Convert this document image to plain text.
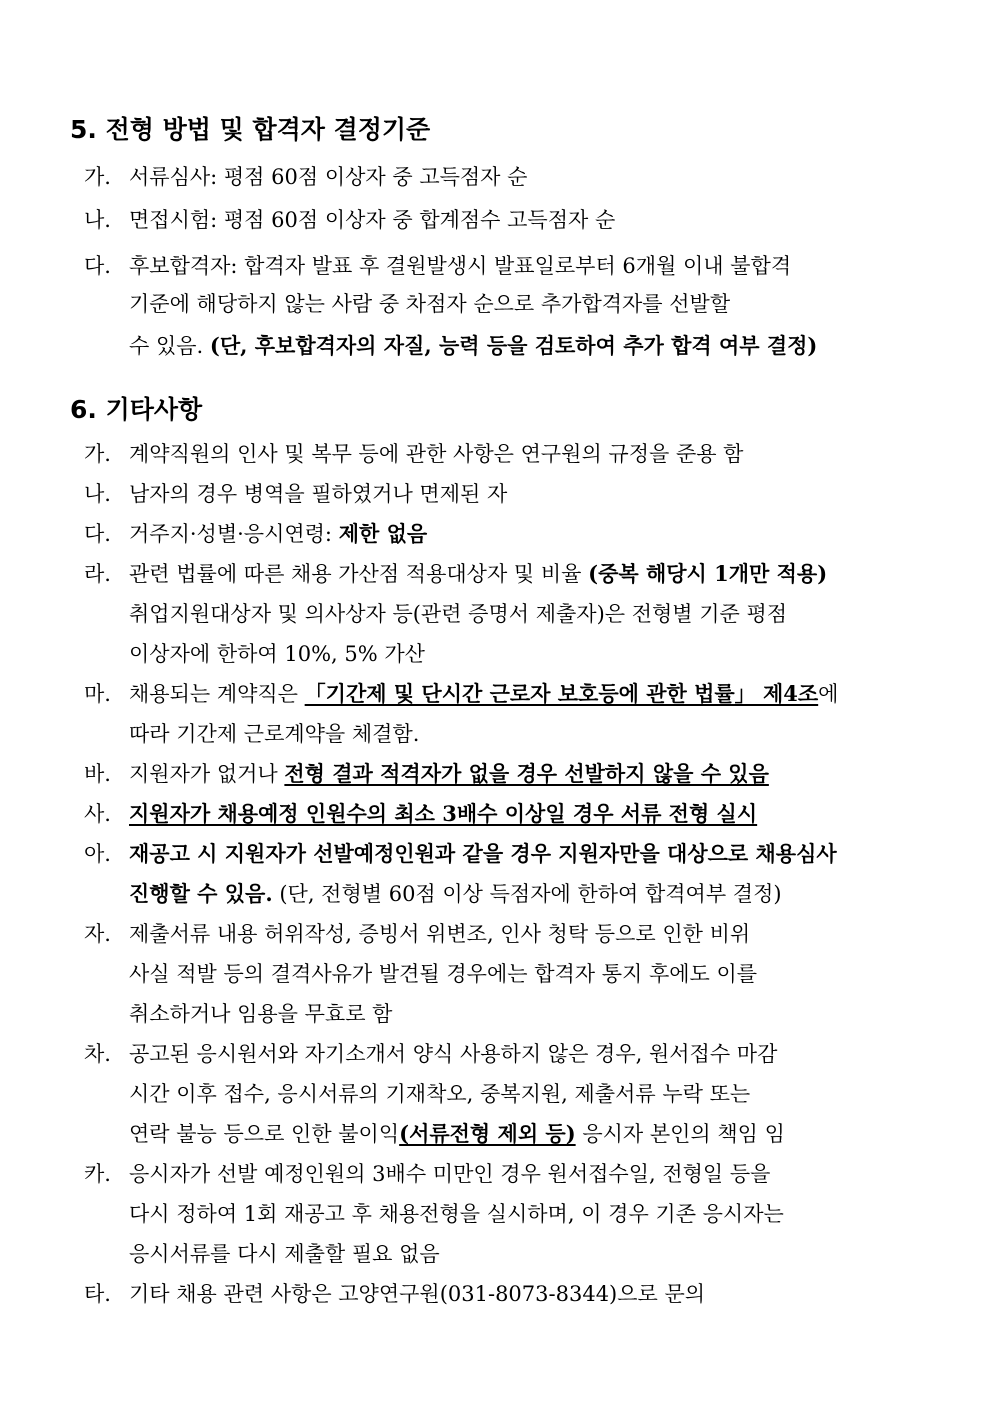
5. 전형 방법 및 합격자 결정기준
가. 서류심사: 평점 60점 이상자 중 고득점자 순
나. 면접시험: 평점 60점 이상자 중 합계점수 고득점자 순
다. 후보합격자: 합격자 발표 후 결원발생시 발표일로부터 6개월 이내 불합격
기준에 해당하지 않는 사람 중 차점자 순으로 추가합격자를 선발할
수 있음. (단, 후보합격자의 자질, 능력 등을 검토하여 추가 합격 여부 결정)
6. 기타사항
가. 계약직원의 인사 및 복무 등에 관한 사항은 연구원의 규정을 준용 함
나. 남자의 경우 병역을 필하였거나 면제된 자
다. 거주지·성별·응시연령: 제한 없음
라. 관련 법률에 따른 채용 가산점 적용대상자 및 비율 (중복 해당시 1개만 적용)
취업지원대상자 및 의사상자 등(관련 증명서 제출자)은 전형별 기준 평점
이상자에 한하여 10%, 5% 가산
마. 채용되는 계약직은 「기간제 및 단시간 근로자 보호등에 관한 법률」 제4조에
따라 기간제 근로계약을 체결함.
바. 지원자가 없거나 전형 결과 적격자가 없을 경우 선발하지 않을 수 있음
사. 지원자가 채용예정 인원수의 최소 3배수 이상일 경우 서류 전형 실시
아. 재공고 시 지원자가 선발예정인원과 같을 경우 지원자만을 대상으로 채용심사
진행할 수 있음. (단, 전형별 60점 이상 득점자에 한하여 합격여부 결정)
자. 제출서류 내용 허위작성, 증빙서 위변조, 인사 청탁 등으로 인한 비위
사실 적발 등의 결격사유가 발견될 경우에는 합격자 통지 후에도 이를
취소하거나 임용을 무효로 함
차. 공고된 응시원서와 자기소개서 양식 사용하지 않은 경우, 원서접수 마감
시간 이후 접수, 응시서류의 기재착오, 중복지원, 제출서류 누락 또는
연락 불능 등으로 인한 불이익(서류전형 제외 등) 응시자 본인의 책임 임
카. 응시자가 선발 예정인원의 3배수 미만인 경우 원서접수일, 전형일 등을
다시 정하여 1회 재공고 후 채용전형을 실시하며, 이 경우 기존 응시자는
응시서류를 다시 제출할 필요 없음
타. 기타 채용 관련 사항은 고양연구원(031-8073-8344)으로 문의
